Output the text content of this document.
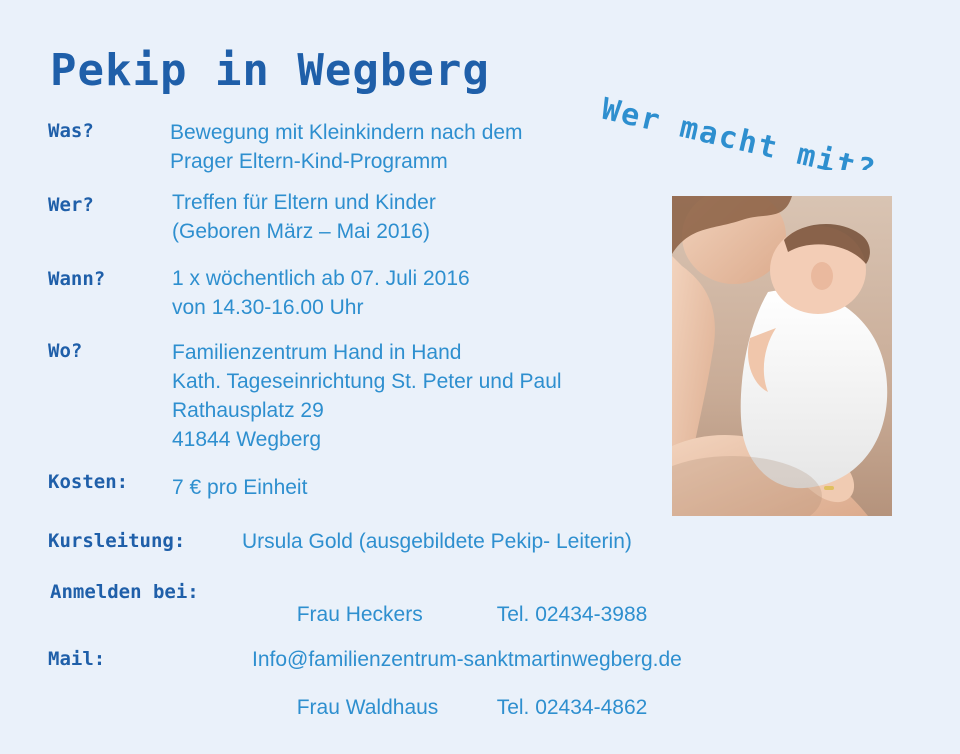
Pekip in Wegberg
Wer macht mit?
Was?	Bewegung mit Kleinkindern nach dem
Prager Eltern-Kind-Programm
Wer?	Treffen für Eltern und Kinder
(Geboren März – Mai 2016)
Wann?	1 x wöchentlich ab 07. Juli 2016
von 14.30-16.00 Uhr
Wo?	Familienzentrum Hand in Hand
Kath. Tageseinrichtung St. Peter und Paul
Rathausplatz 29
41844 Wegberg
Kosten: 7 € pro Einheit
Kursleitung:	Ursula Gold (ausgebildete Pekip- Leiterin)
Anmelden bei:

Frau Heckers	Tel. 02434-3988

Frau Waldhaus	Tel. 02434-4862

Mail:	Info@familienzentrum-sanktmartinwegberg.de
